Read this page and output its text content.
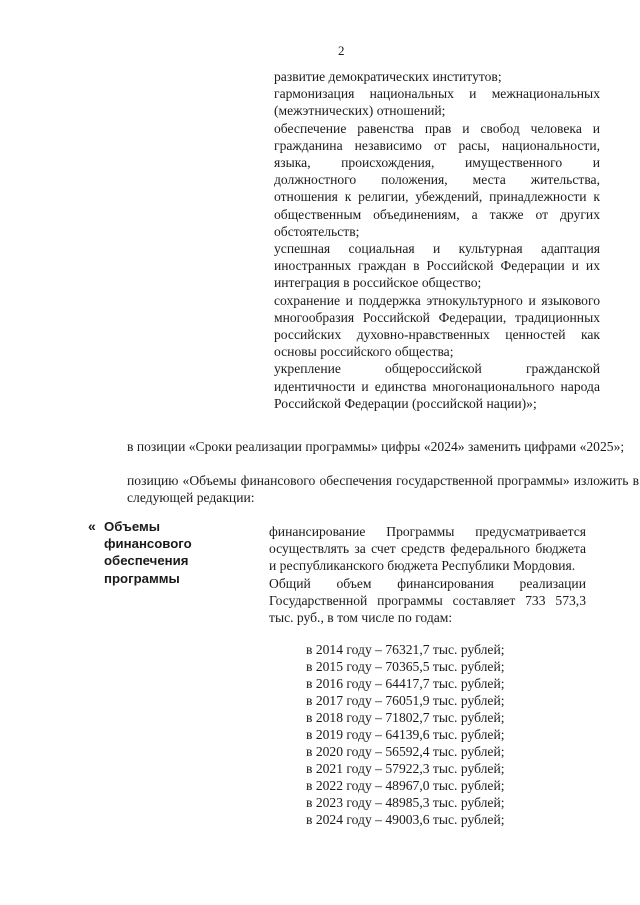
2

развитие демократических институтов;

гармонизация национальных и межнациональных (межэтнических) отношений;

обеспечение равенства прав и свобод человека и гражданина независимо от расы, национальности, языка, происхождения, имущественного и должностного положения, места жительства, отношения к религии, убеждений, принадлежности к общественным объединениям, а также от других обстоятельств;

успешная социальная и культурная адаптация иностранных граждан в Российской Федерации и их интеграция в российское общество;

сохранение и поддержка этнокультурного и языкового многообразия Российской Федерации, традиционных российских духовно-нравственных ценностей как основы российского общества;

укрепление общероссийской гражданской идентичности и единства многонационального народа Российской Федерации (российской нации)»;

в позиции «Сроки реализации программы» цифры «2024» заменить цифрами «2025»;

позицию «Объемы финансового обеспечения государственной программы» изложить в следующей редакции:

« Объемы
финансового
обеспечения
программы

финансирование Программы предусматривается осуществлять за счет средств федерального бюджета и республиканского бюджета Республики Мордовия.

Общий объем финансирования реализации Государственной программы составляет 733 573,3 тыс. руб., в том числе по годам:

в 2014 году – 76321,7 тыс. рублей;
в 2015 году – 70365,5 тыс. рублей;
в 2016 году – 64417,7 тыс. рублей;
в 2017 году – 76051,9 тыс. рублей;
в 2018 году – 71802,7 тыс. рублей;
в 2019 году – 64139,6 тыс. рублей;
в 2020 году – 56592,4 тыс. рублей;
в 2021 году – 57922,3 тыс. рублей;
в 2022 году – 48967,0 тыс. рублей;
в 2023 году – 48985,3 тыс. рублей;
в 2024 году – 49003,6 тыс. рублей;
